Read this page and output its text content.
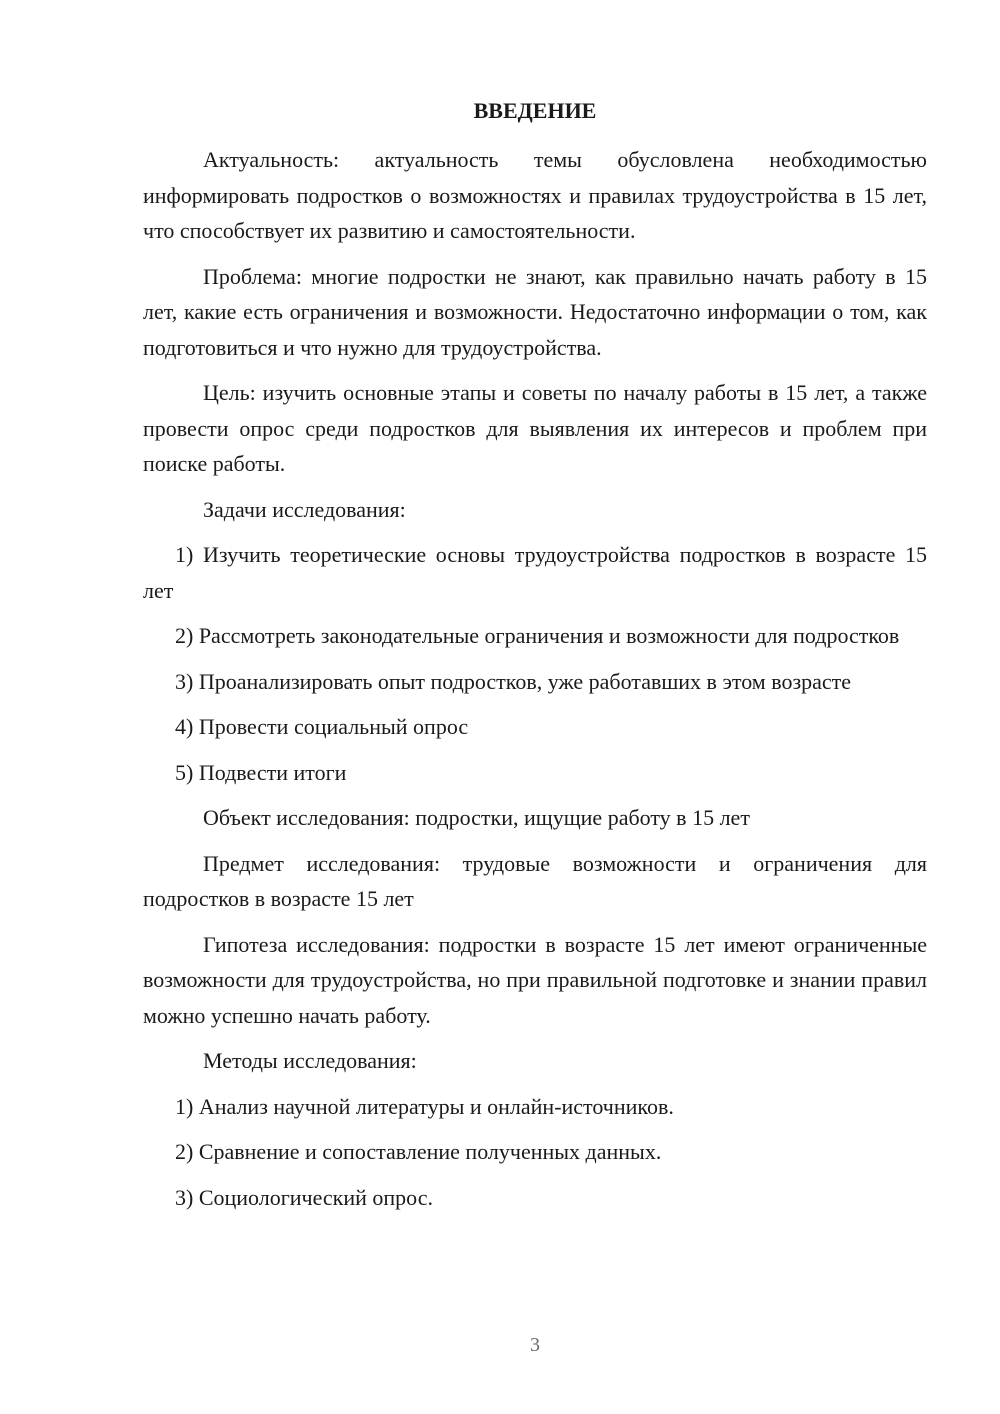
ВВЕДЕНИЕ

Актуальность: актуальность темы обусловлена необходимостью информировать подростков о возможностях и правилах трудоустройства в 15 лет, что способствует их развитию и самостоятельности.

Проблема: многие подростки не знают, как правильно начать работу в 15 лет, какие есть ограничения и возможности. Недостаточно информации о том, как подготовиться и что нужно для трудоустройства.

Цель: изучить основные этапы и советы по началу работы в 15 лет, а также провести опрос среди подростков для выявления их интересов и проблем при поиске работы.

Задачи исследования:

1) Изучить теоретические основы трудоустройства подростков в возрасте 15 лет

2) Рассмотреть законодательные ограничения и возможности для подростков

3) Проанализировать опыт подростков, уже работавших в этом возрасте

4) Провести социальный опрос

5) Подвести итоги

Объект исследования: подростки, ищущие работу в 15 лет

Предмет исследования: трудовые возможности и ограничения для подростков в возрасте 15 лет

Гипотеза исследования: подростки в возрасте 15 лет имеют ограниченные возможности для трудоустройства, но при правильной подготовке и знании правил можно успешно начать работу.

Методы исследования:

1) Анализ научной литературы и онлайн-источников.

2) Сравнение и сопоставление полученных данных.

3) Социологический опрос.

3
